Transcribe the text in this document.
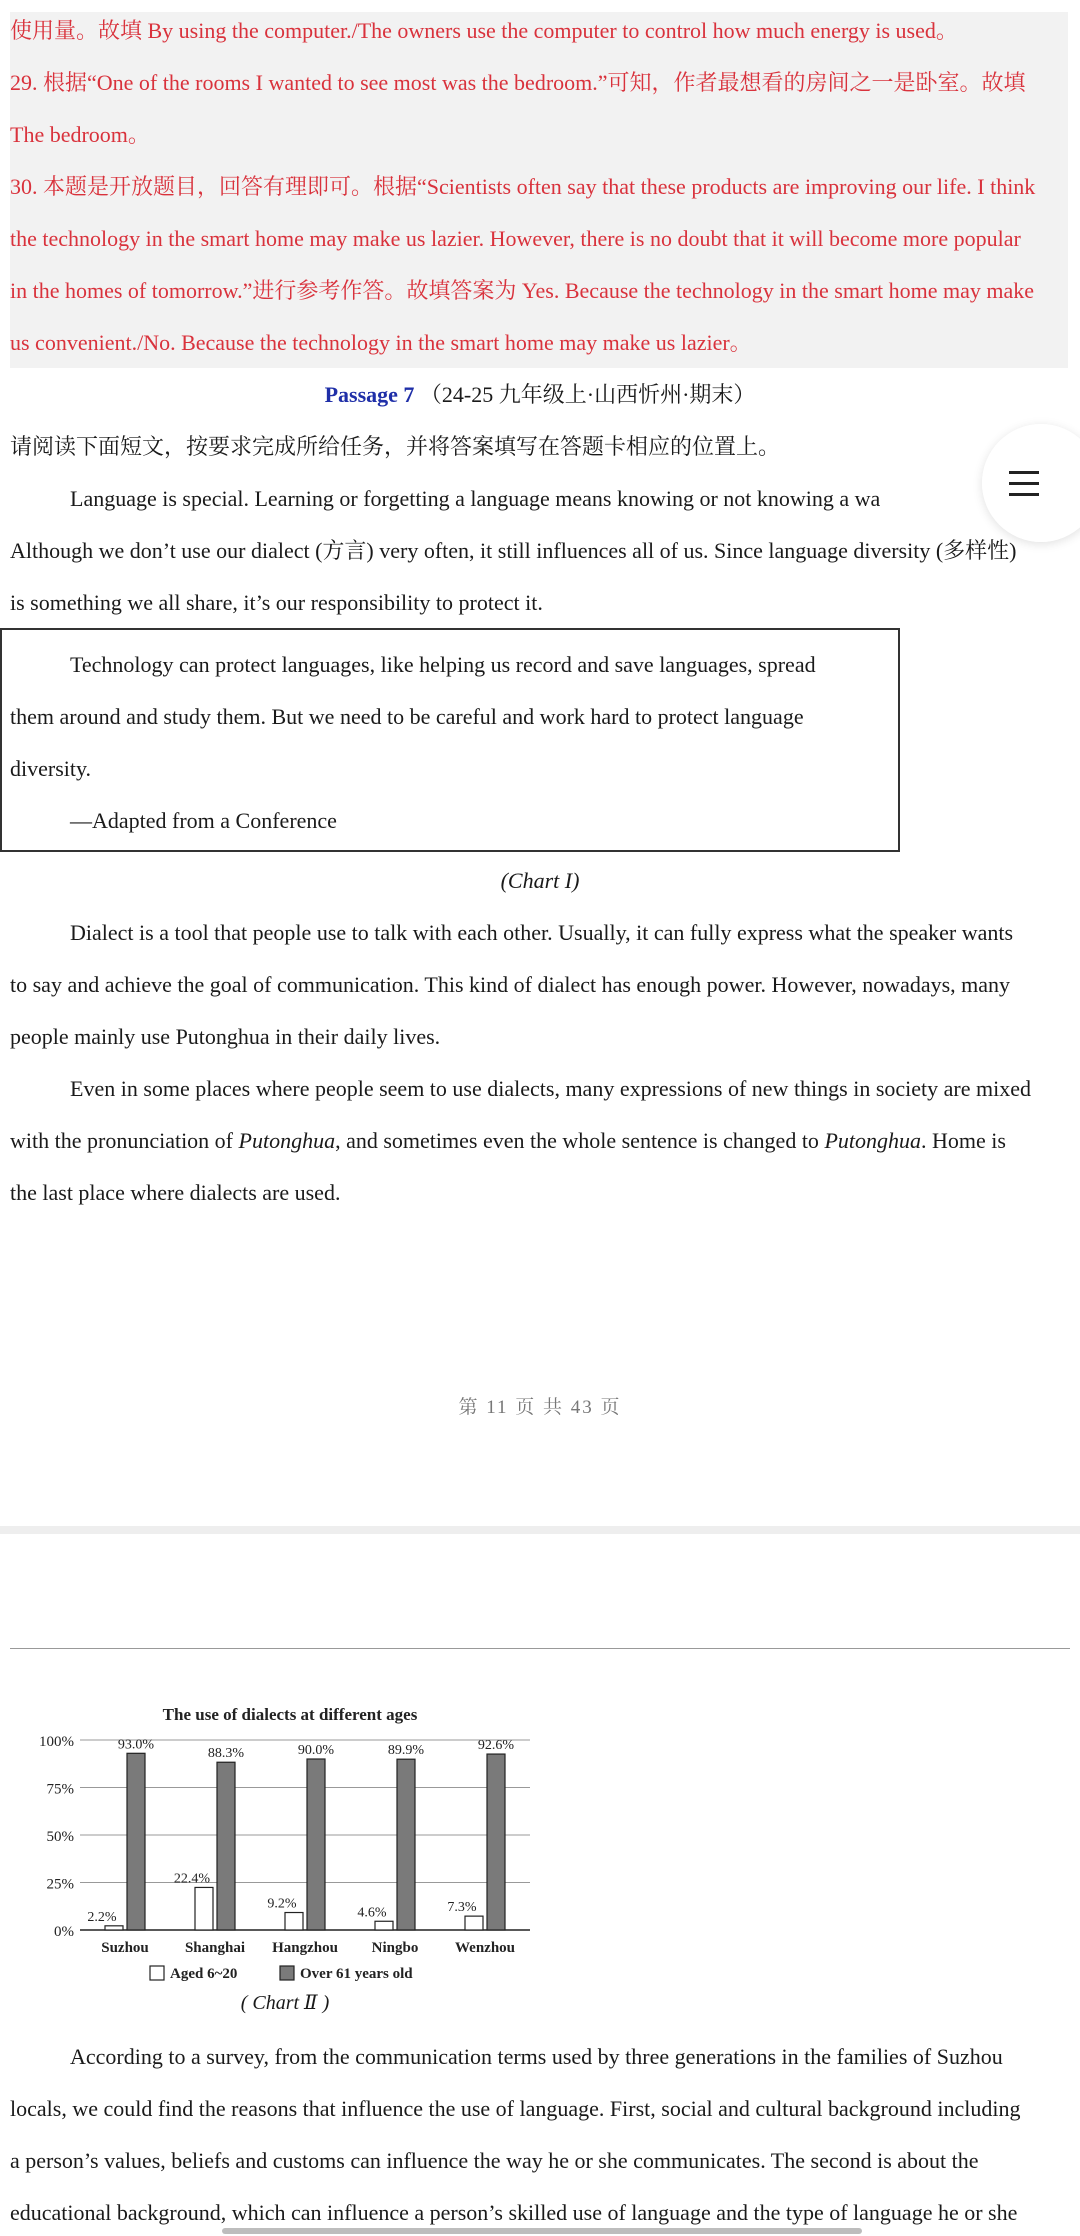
使用量。故填 By using the computer./The owners use the computer to control how much energy is used。
29. 根据“One of the rooms I wanted to see most was the bedroom.”可知，作者最想看的房间之一是卧室。故填
The bedroom。
30. 本题是开放题目，回答有理即可。根据“Scientists often say that these products are improving our life. I think
the technology in the smart home may make us lazier. However, there is no doubt that it will become more popular
in the homes of tomorrow.”进行参考作答。故填答案为 Yes. Because the technology in the smart home may make
us convenient./No. Because the technology in the smart home may make us lazier。
Passage 7 （24-25 九年级上·山西忻州·期末）
请阅读下面短文，按要求完成所给任务，并将答案填写在答题卡相应的位置上。
Language is special. Learning or forgetting a language means knowing or not knowing a wa
Although we don’t use our dialect (方言) very often, it still influences all of us. Since language diversity (多样性)
is something we all share, it’s our responsibility to protect it.
Technology can protect languages, like helping us record and save languages, spread
them around and study them. But we need to be careful and work hard to protect language
diversity.
—Adapted from a Conference
(Chart I)
Dialect is a tool that people use to talk with each other. Usually, it can fully express what the speaker wants
to say and achieve the goal of communication. This kind of dialect has enough power. However, nowadays, many
people mainly use Putonghua in their daily lives.
Even in some places where people seem to use dialects, many expressions of new things in society are mixed
with the pronunciation of Putonghua, and sometimes even the whole sentence is changed to Putonghua. Home is
the last place where dialects are used.
第 11 页 共 43 页
The use of dialects at different ages
0%
25%
50%
75%
100%
2.2%
93.0%
22.4%
88.3%
9.2%
90.0%
4.6%
89.9%
7.3%
92.6%
Suzhou Shanghai Hangzhou Ningbo Wenzhou
Aged 6~20	Over 61 years old
( Chart Ⅱ )
According to a survey, from the communication terms used by three generations in the families of Suzhou
locals, we could find the reasons that influence the use of language. First, social and cultural background including
a person’s values, beliefs and customs can influence the way he or she communicates. The second is about the
educational background, which can influence a person’s skilled use of language and the type of language he or she
